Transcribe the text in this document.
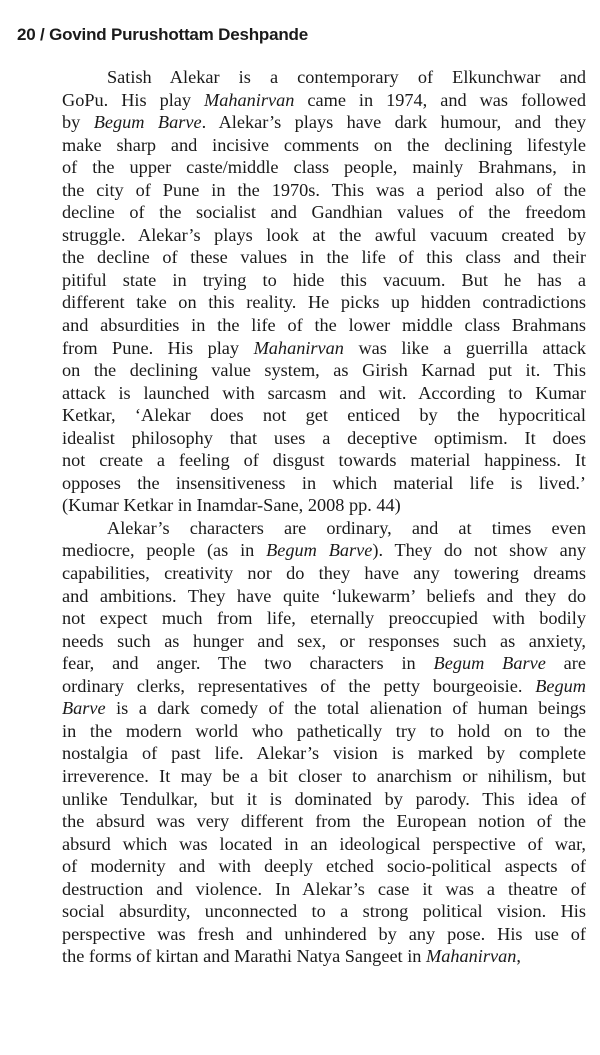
20 / Govind Purushottam Deshpande
Satish Alekar is a contemporary of Elkunchwar and
GoPu. His play Mahanirvan came in 1974, and was followed
by Begum Barve. Alekar’s plays have dark humour, and they
make sharp and incisive comments on the declining lifestyle
of the upper caste/middle class people, mainly Brahmans, in
the city of Pune in the 1970s. This was a period also of the
decline of the socialist and Gandhian values of the freedom
struggle. Alekar’s plays look at the awful vacuum created by
the decline of these values in the life of this class and their
pitiful state in trying to hide this vacuum. But he has a
different take on this reality. He picks up hidden contradictions
and absurdities in the life of the lower middle class Brahmans
from Pune. His play Mahanirvan was like a guerrilla attack
on the declining value system, as Girish Karnad put it. This
attack is launched with sarcasm and wit. According to Kumar
Ketkar, ‘Alekar does not get enticed by the hypocritical
idealist philosophy that uses a deceptive optimism. It does
not create a feeling of disgust towards material happiness. It
opposes the insensitiveness in which material life is lived.’
(Kumar Ketkar in Inamdar-Sane, 2008 pp. 44)
Alekar’s characters are ordinary, and at times even
mediocre, people (as in Begum Barve). They do not show any
capabilities, creativity nor do they have any towering dreams
and ambitions. They have quite ‘lukewarm’ beliefs and they do
not expect much from life, eternally preoccupied with bodily
needs such as hunger and sex, or responses such as anxiety,
fear, and anger. The two characters in Begum Barve are
ordinary clerks, representatives of the petty bourgeoisie. Begum
Barve is a dark comedy of the total alienation of human beings
in the modern world who pathetically try to hold on to the
nostalgia of past life. Alekar’s vision is marked by complete
irreverence. It may be a bit closer to anarchism or nihilism, but
unlike Tendulkar, but it is dominated by parody. This idea of
the absurd was very different from the European notion of the
absurd which was located in an ideological perspective of war,
of modernity and with deeply etched socio-political aspects of
destruction and violence. In Alekar’s case it was a theatre of
social absurdity, unconnected to a strong political vision. His
perspective was fresh and unhindered by any pose. His use of
the forms of kirtan and Marathi Natya Sangeet in Mahanirvan,
